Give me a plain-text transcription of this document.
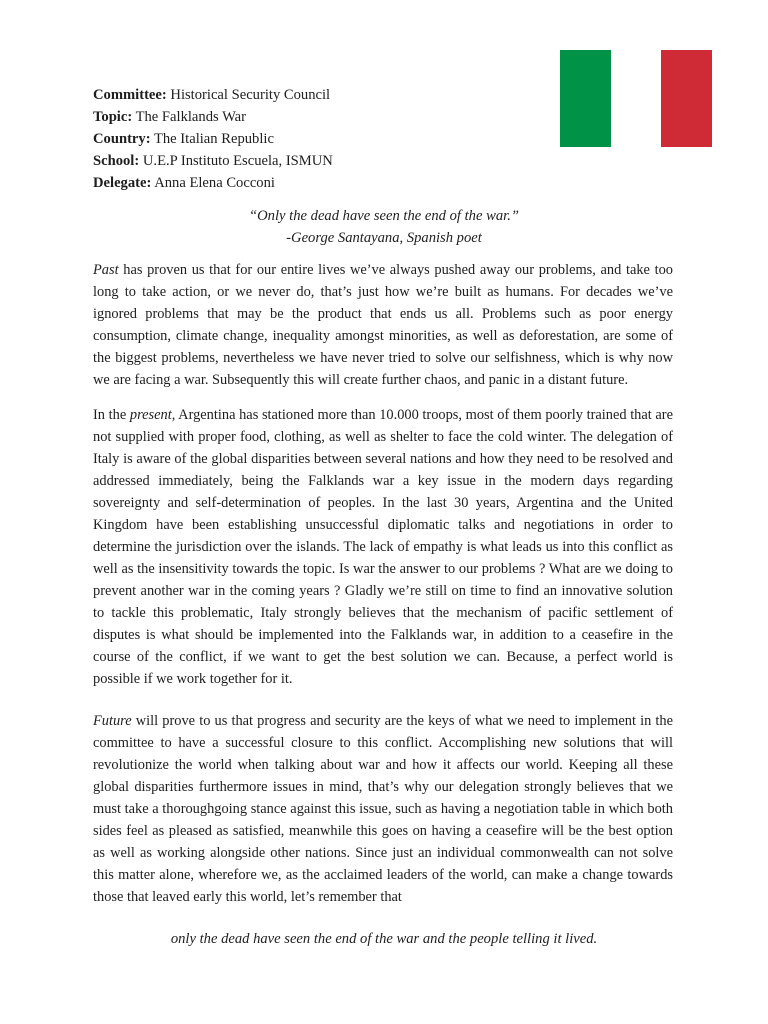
Committee: Historical Security Council
Topic: The Falklands War
Country: The Italian Republic
School: U.E.P Instituto Escuela, ISMUN
Delegate: Anna Elena Cocconi
“Only the dead have seen the end of the war.”
-George Santayana, Spanish poet

Past has proven us that for our entire lives we’ve always pushed away our problems, and take too long to take action, or we never do, that’s just how we’re built as humans. For decades we’ve ignored problems that may be the product that ends us all. Problems such as poor energy consumption, climate change, inequality amongst minorities, as well as deforestation, are some of the biggest problems, nevertheless we have never tried to solve our selfishness, which is why now we are facing a war. Subsequently this will create further chaos, and panic in a distant future.

In the present, Argentina has stationed more than 10.000 troops, most of them poorly trained that are not supplied with proper food, clothing, as well as shelter to face the cold winter. The delegation of Italy is aware of the global disparities between several nations and how they need to be resolved and addressed immediately, being the Falklands war a key issue in the modern days regarding sovereignty and self-determination of peoples. In the last 30 years, Argentina and the United Kingdom have been establishing unsuccessful diplomatic talks and negotiations in order to determine the jurisdiction over the islands. The lack of empathy is what leads us into this conflict as well as the insensitivity towards the topic. Is war the answer to our problems ? What are we doing to prevent another war in the coming years ? Gladly we’re still on time to find an innovative solution to tackle this problematic, Italy strongly believes that the mechanism of pacific settlement of disputes is what should be implemented into the Falklands war, in addition to a ceasefire in the course of the conflict, if we want to get the best solution we can. Because, a perfect world is possible if we work together for it.

Future will prove to us that progress and security are the keys of what we need to implement in the committee to have a successful closure to this conflict. Accomplishing new solutions that will revolutionize the world when talking about war and how it affects our world. Keeping all these global disparities furthermore issues in mind, that’s why our delegation strongly believes that we must take a thoroughgoing stance against this issue, such as having a negotiation table in which both sides feel as pleased as satisfied, meanwhile this goes on having a ceasefire will be the best option as well as working alongside other nations. Since just an individual commonwealth can not solve this matter alone, wherefore we, as the acclaimed leaders of the world, can make a change towards those that leaved early this world, let’s remember that

only the dead have seen the end of the war and the people telling it lived.
